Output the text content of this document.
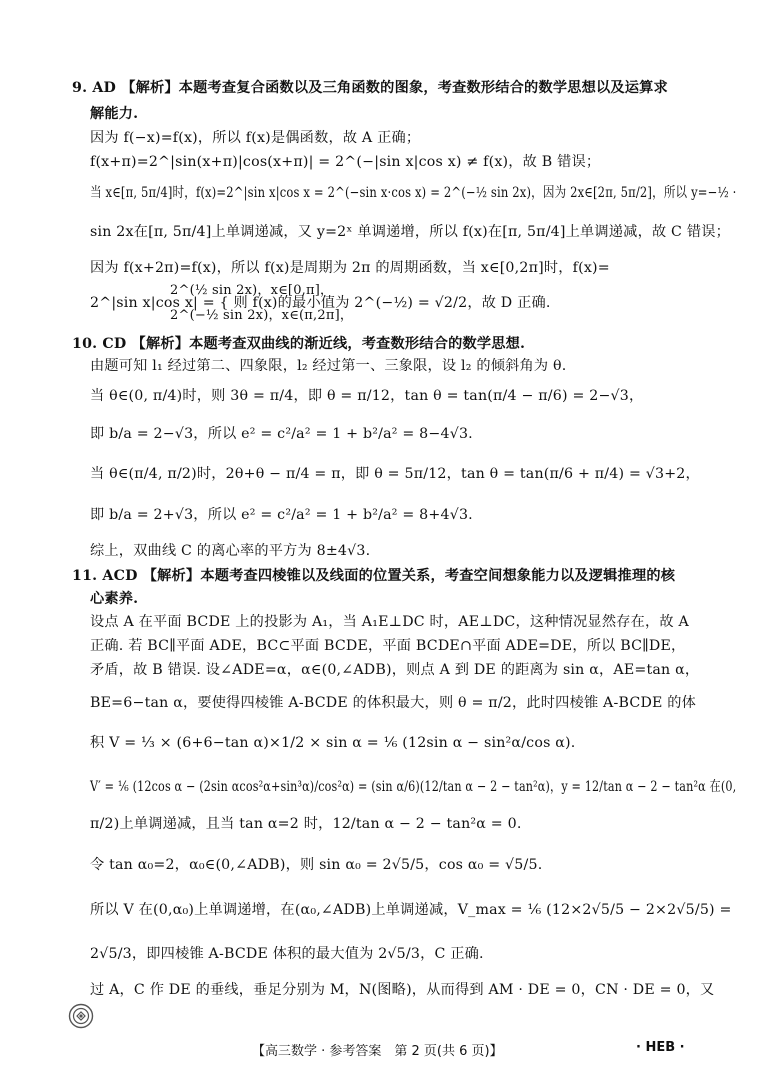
9. AD 【解析】本题考查复合函数以及三角函数的图象，考查数形结合的数学思想以及运算求
解能力.
因为 f(−x)=f(x)，所以 f(x)是偶函数，故 A 正确；
f(x+π)=2^|sin(x+π)|cos(x+π)| = 2^(−|sin x|cos x) ≠ f(x)，故 B 错误；
当 x∈[π, 5π/4]时，f(x)=2^|sin x|cos x = 2^(−sin x·cos x) = 2^(−½ sin 2x)，因为 2x∈[2π, 5π/2]，所以 y=−½ ·
sin 2x在[π, 5π/4]上单调递减，又 y=2ˣ 单调递增，所以 f(x)在[π, 5π/4]上单调递减，故 C 错误；
因为 f(x+2π)=f(x)，所以 f(x)是周期为 2π 的周期函数，当 x∈[0,2π]时，f(x)=
2^(½ sin 2x)，x∈[0,π]，
2^|sin x|cos x| = { 则 f(x)的最小值为 2^(−½) = √2/2，故 D 正确.
2^(−½ sin 2x)，x∈(π,2π]，
10. CD 【解析】本题考查双曲线的渐近线，考查数形结合的数学思想.
由题可知 l₁ 经过第二、四象限，l₂ 经过第一、三象限，设 l₂ 的倾斜角为 θ.
当 θ∈(0, π/4)时，则 3θ = π/4，即 θ = π/12，tan θ = tan(π/4 − π/6) = 2−√3，
即 b/a = 2−√3，所以 e² = c²/a² = 1 + b²/a² = 8−4√3.
当 θ∈(π/4, π/2)时，2θ+θ − π/4 = π，即 θ = 5π/12，tan θ = tan(π/6 + π/4) = √3+2，
即 b/a = 2+√3，所以 e² = c²/a² = 1 + b²/a² = 8+4√3.
综上，双曲线 C 的离心率的平方为 8±4√3.
11. ACD 【解析】本题考查四棱锥以及线面的位置关系，考查空间想象能力以及逻辑推理的核
心素养.
设点 A 在平面 BCDE 上的投影为 A₁，当 A₁E⊥DC 时，AE⊥DC，这种情况显然存在，故 A
正确. 若 BC∥平面 ADE，BC⊂平面 BCDE，平面 BCDE∩平面 ADE=DE，所以 BC∥DE，
矛盾，故 B 错误. 设∠ADE=α，α∈(0,∠ADB)，则点 A 到 DE 的距离为 sin α，AE=tan α，
BE=6−tan α，要使得四棱锥 A-BCDE 的体积最大，则 θ = π/2，此时四棱锥 A-BCDE 的体
积 V = ⅓ × (6+6−tan α)×1/2 × sin α = ⅙ (12sin α − sin²α/cos α).
V′ = ⅙ (12cos α − (2sin αcos²α+sin³α)/cos²α) = (sin α/6)(12/tan α − 2 − tan²α)，y = 12/tan α − 2 − tan²α 在(0,
π/2)上单调递减，且当 tan α=2 时，12/tan α − 2 − tan²α = 0.
令 tan α₀=2，α₀∈(0,∠ADB)，则 sin α₀ = 2√5/5，cos α₀ = √5/5.
所以 V 在(0,α₀)上单调递增，在(α₀,∠ADB)上单调递减，V_max = ⅙ (12×2√5/5 − 2×2√5/5) =
2√5/3，即四棱锥 A-BCDE 体积的最大值为 2√5/3，C 正确.
过 A，C 作 DE 的垂线，垂足分别为 M，N(图略)，从而得到 AM · DE = 0，CN · DE = 0，又
【高三数学 · 参考答案　第 2 页(共 6 页)】	· HEB ·
